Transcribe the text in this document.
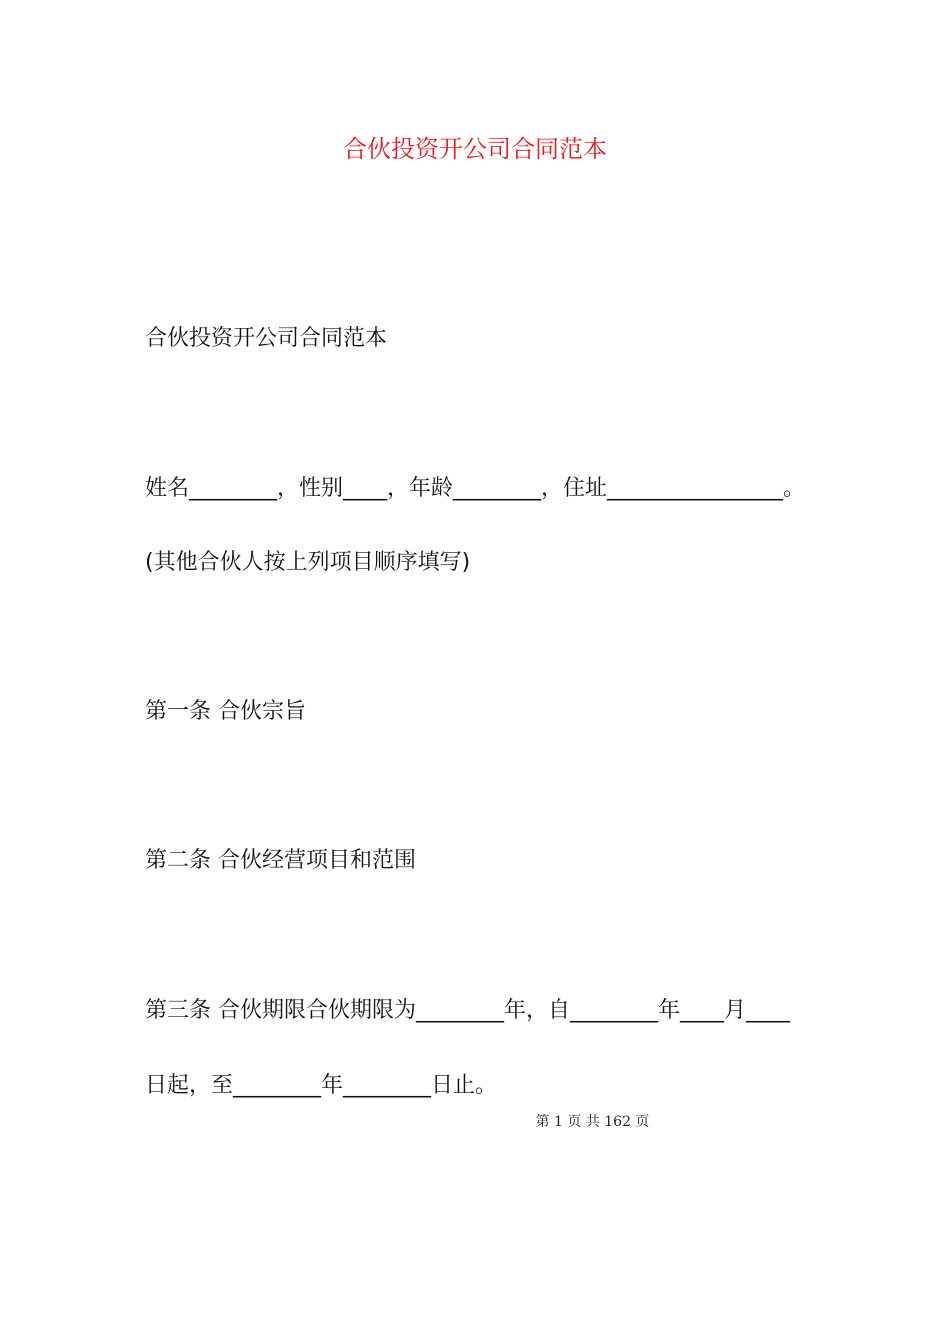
合伙投资开公司合同范本

合伙投资开公司合同范本

姓名________，性别____，年龄________，住址________________。

(其他合伙人按上列项目顺序填写)

第一条 合伙宗旨

第二条 合伙经营项目和范围

第三条 合伙期限合伙期限为________年，自________年____月____

日起，至________年________日止。

第 1 页 共 162 页
